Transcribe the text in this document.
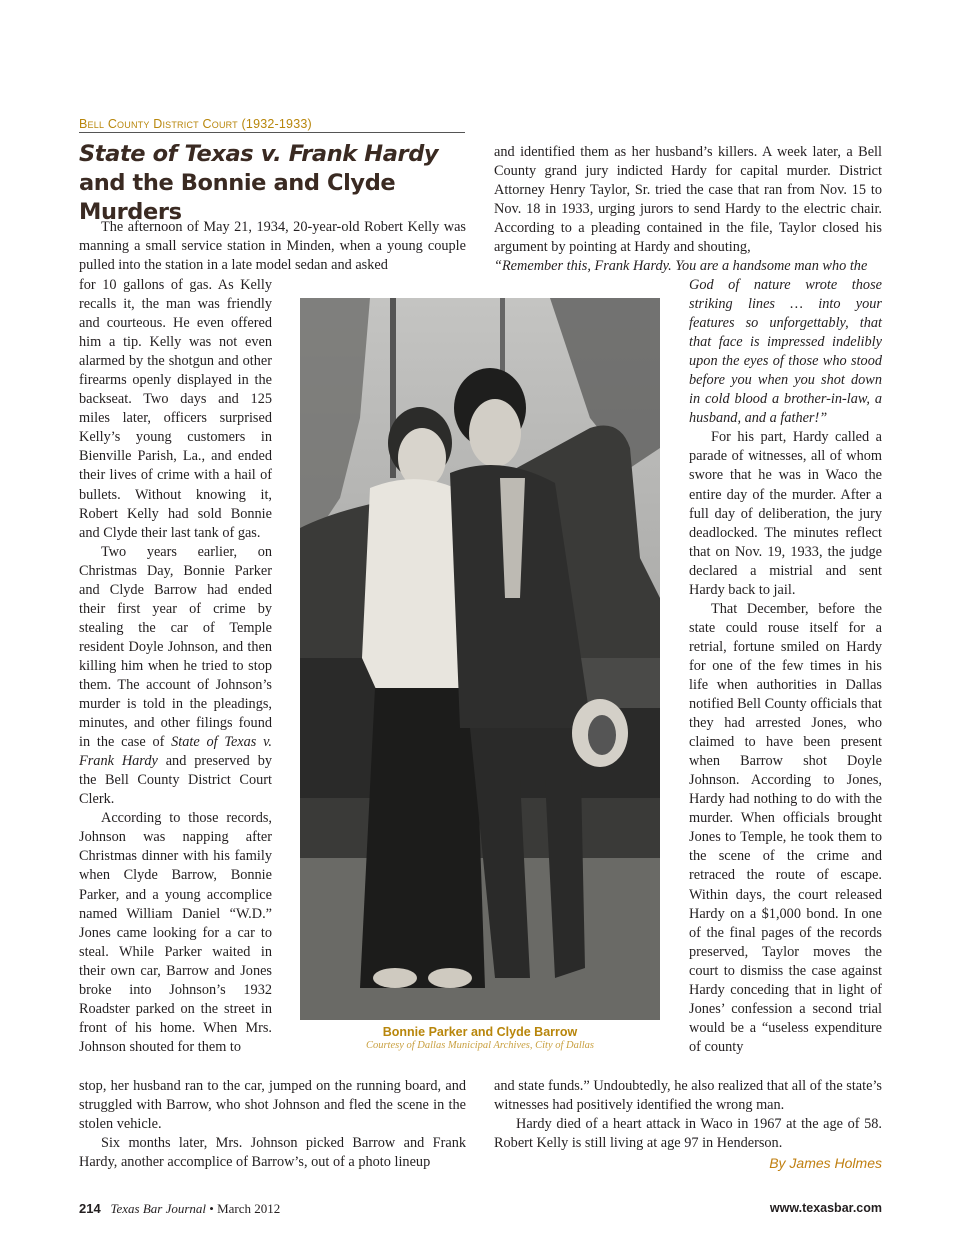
Bell County District Court (1932-1933)
State of Texas v. Frank Hardy and the Bonnie and Clyde Murders

The afternoon of May 21, 1934, 20-year-old Robert Kelly was manning a small service station in Minden, when a young couple pulled into the station in a late model sedan and asked

for 10 gallons of gas. As Kelly recalls it, the man was friendly and courteous. He even offered him a tip. Kelly was not even alarmed by the shotgun and other firearms openly displayed in the backseat. Two days and 125 miles later, officers surprised Kelly’s young customers in Bienville Parish, La., and ended their lives of crime with a hail of bullets. Without knowing it, Robert Kelly had sold Bonnie and Clyde their last tank of gas.

Two years earlier, on Christmas Day, Bonnie Parker and Clyde Barrow had ended their first year of crime by stealing the car of Temple resident Doyle Johnson, and then killing him when he tried to stop them. The account of Johnson’s murder is told in the pleadings, minutes, and other filings found in the case of State of Texas v. Frank Hardy and preserved by the Bell County District Court Clerk.

According to those records, Johnson was napping after Christmas dinner with his family when Clyde Barrow, Bonnie Parker, and a young accomplice named William Daniel “W.D.” Jones came looking for a car to steal. While Parker waited in their own car, Barrow and Jones broke into Johnson’s 1932 Roadster parked on the street in front of his home. When Mrs. Johnson shouted for them to

stop, her husband ran to the car, jumped on the running board, and struggled with Barrow, who shot Johnson and fled the scene in the stolen vehicle.

Six months later, Mrs. Johnson picked Barrow and Frank Hardy, another accomplice of Barrow’s, out of a photo lineup

Bonnie Parker and Clyde Barrow
Courtesy of Dallas Municipal Archives, City of Dallas

and identified them as her husband’s killers. A week later, a Bell County grand jury indicted Hardy for capital murder. District Attorney Henry Taylor, Sr. tried the case that ran from Nov. 15 to Nov. 18 in 1933, urging jurors to send Hardy to the electric chair. According to a pleading contained in the file, Taylor closed his argument by pointing at Hardy and shouting,

“Remember this, Frank Hardy. You are a handsome man who the

God of nature wrote those striking lines … into your features so unforgettably, that that face is impressed indelibly upon the eyes of those who stood before you when you shot down in cold blood a brother-in-law, a husband, and a father!”

For his part, Hardy called a parade of witnesses, all of whom swore that he was in Waco the entire day of the murder. After a full day of deliberation, the jury deadlocked. The minutes reflect that on Nov. 19, 1933, the judge declared a mistrial and sent Hardy back to jail.

That December, before the state could rouse itself for a retrial, fortune smiled on Hardy for one of the few times in his life when authorities in Dallas notified Bell County officials that they had arrested Jones, who claimed to have been present when Barrow shot Doyle Johnson. According to Jones, Hardy had nothing to do with the murder. When officials brought Jones to Temple, he took them to the scene of the crime and retraced the route of escape. Within days, the court released Hardy on a $1,000 bond. In one of the final pages of the records preserved, Taylor moves the court to dismiss the case against Hardy conceding that in light of Jones’ confession a second trial would be a “useless expenditure of county

and state funds.” Undoubtedly, he also realized that all of the state’s witnesses had positively identified the wrong man.

Hardy died of a heart attack in Waco in 1967 at the age of 58. Robert Kelly is still living at age 97 in Henderson.

By James Holmes
214 Texas Bar Journal • March 2012	www.texasbar.com
